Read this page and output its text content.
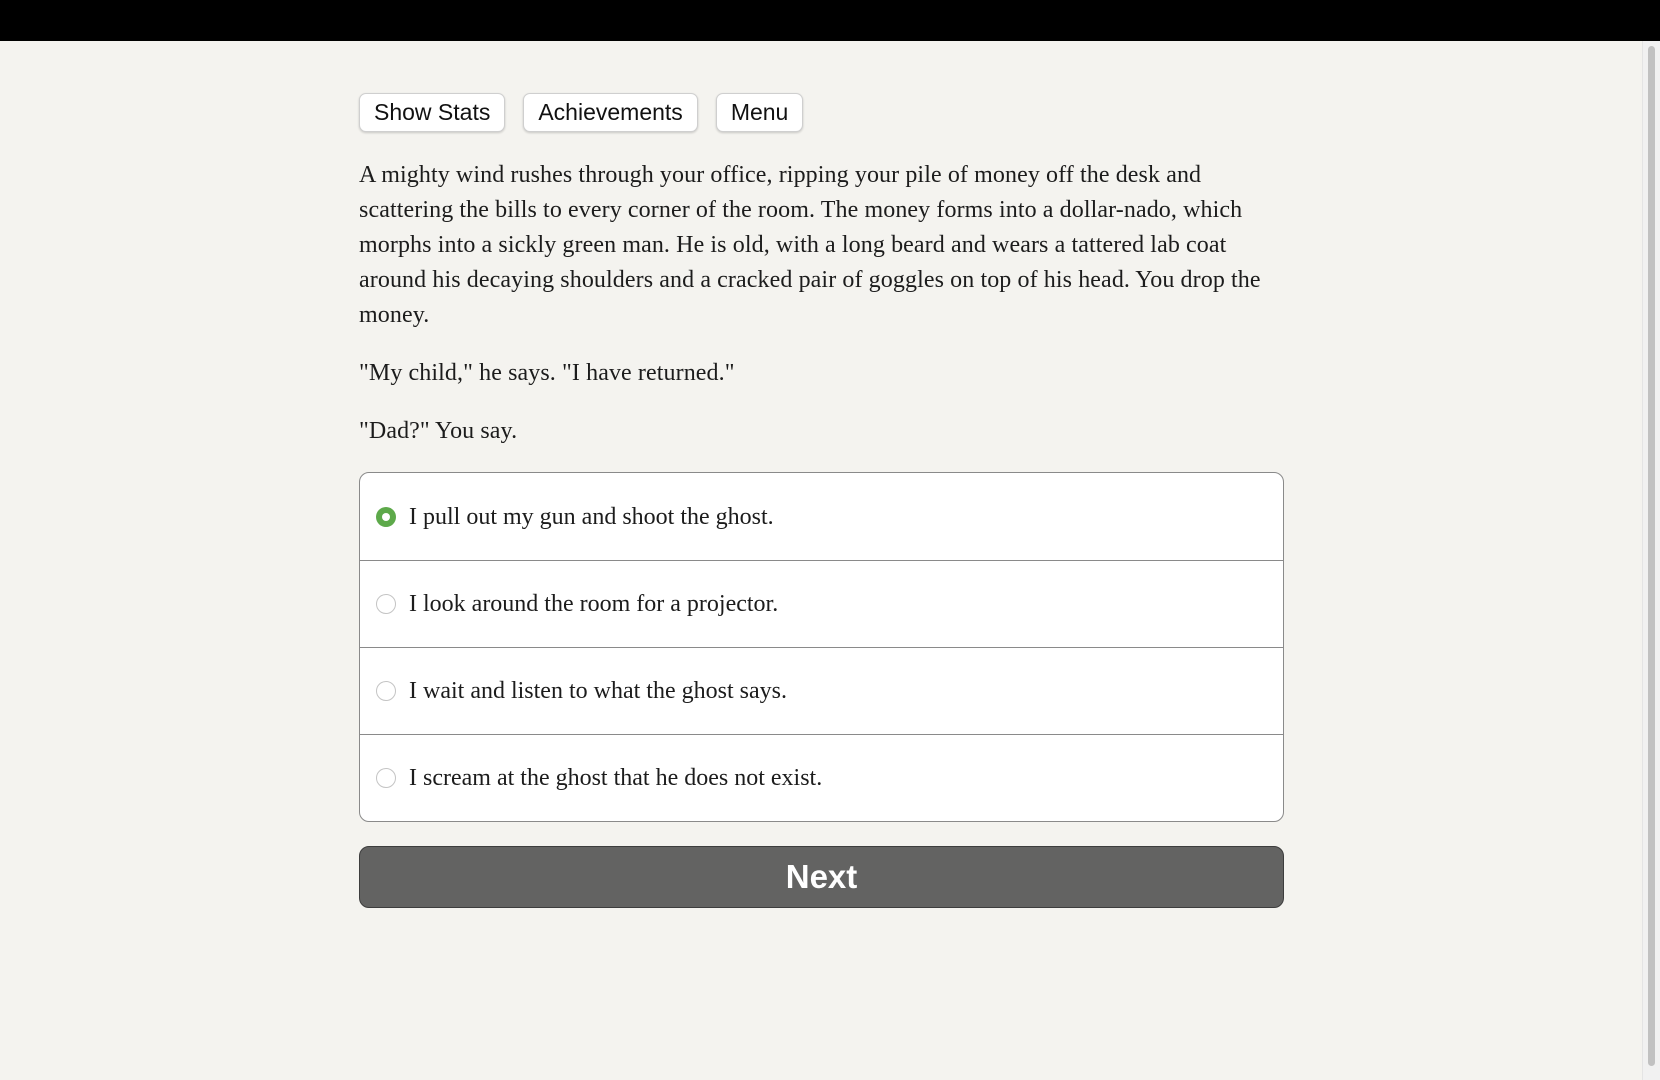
Show Stats	Achievements	Menu

A mighty wind rushes through your office, ripping your pile of money off the desk and scattering the bills to every corner of the room. The money forms into a dollar-nado, which morphs into a sickly green man. He is old, with a long beard and wears a tattered lab coat around his decaying shoulders and a cracked pair of goggles on top of his head. You drop the money.

"My child," he says. "I have returned."

"Dad?" You say.

I pull out my gun and shoot the ghost.
I look around the room for a projector.
I wait and listen to what the ghost says.
I scream at the ghost that he does not exist.
Next
